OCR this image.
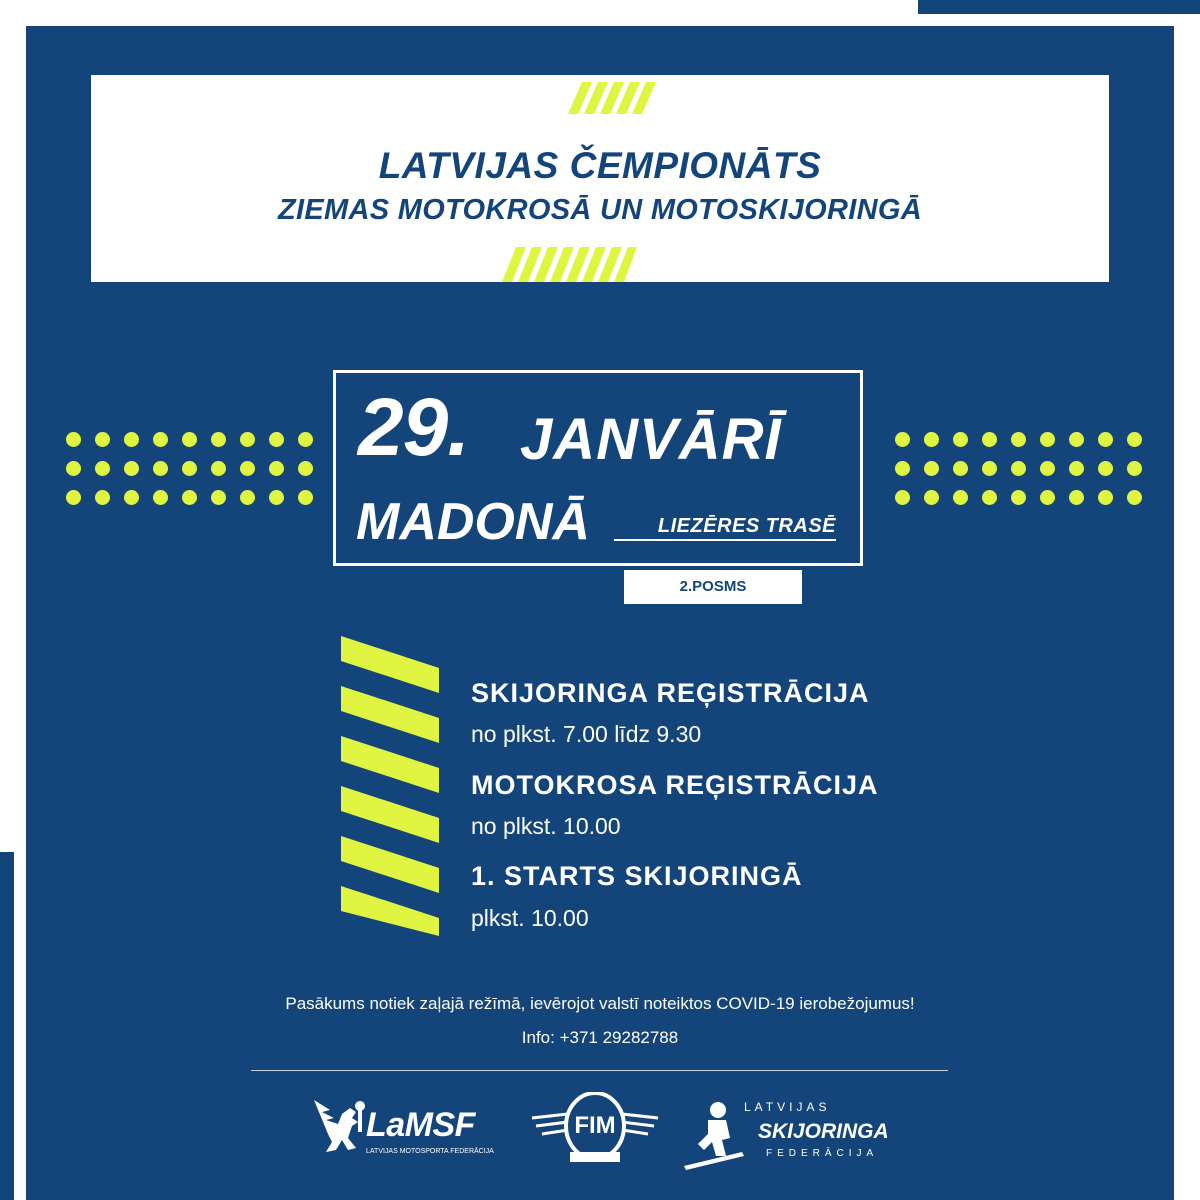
LATVIJAS ČEMPIONĀTS
ZIEMAS MOTOKROSĀ UN MOTOSKIJORINGĀ
29. JANVĀRĪ
MADONĀ	LIEZĒRES TRASĒ
2.POSMS
SKIJORINGA REĢISTRĀCIJA
no plkst. 7.00 līdz 9.30
MOTOKROSA REĢISTRĀCIJA
no plkst. 10.00
1. STARTS SKIJORINGĀ
plkst. 10.00
Pasākums notiek zaļajā režīmā, ievērojot valstī noteiktos COVID-19 ierobežojumus!
Info: +371 29282788
LaMSF
LATVIJAS MOTOSPORTA FEDERĀCIJA
FIM
LATVIJAS
SKIJORINGA
FEDERĀCIJA
